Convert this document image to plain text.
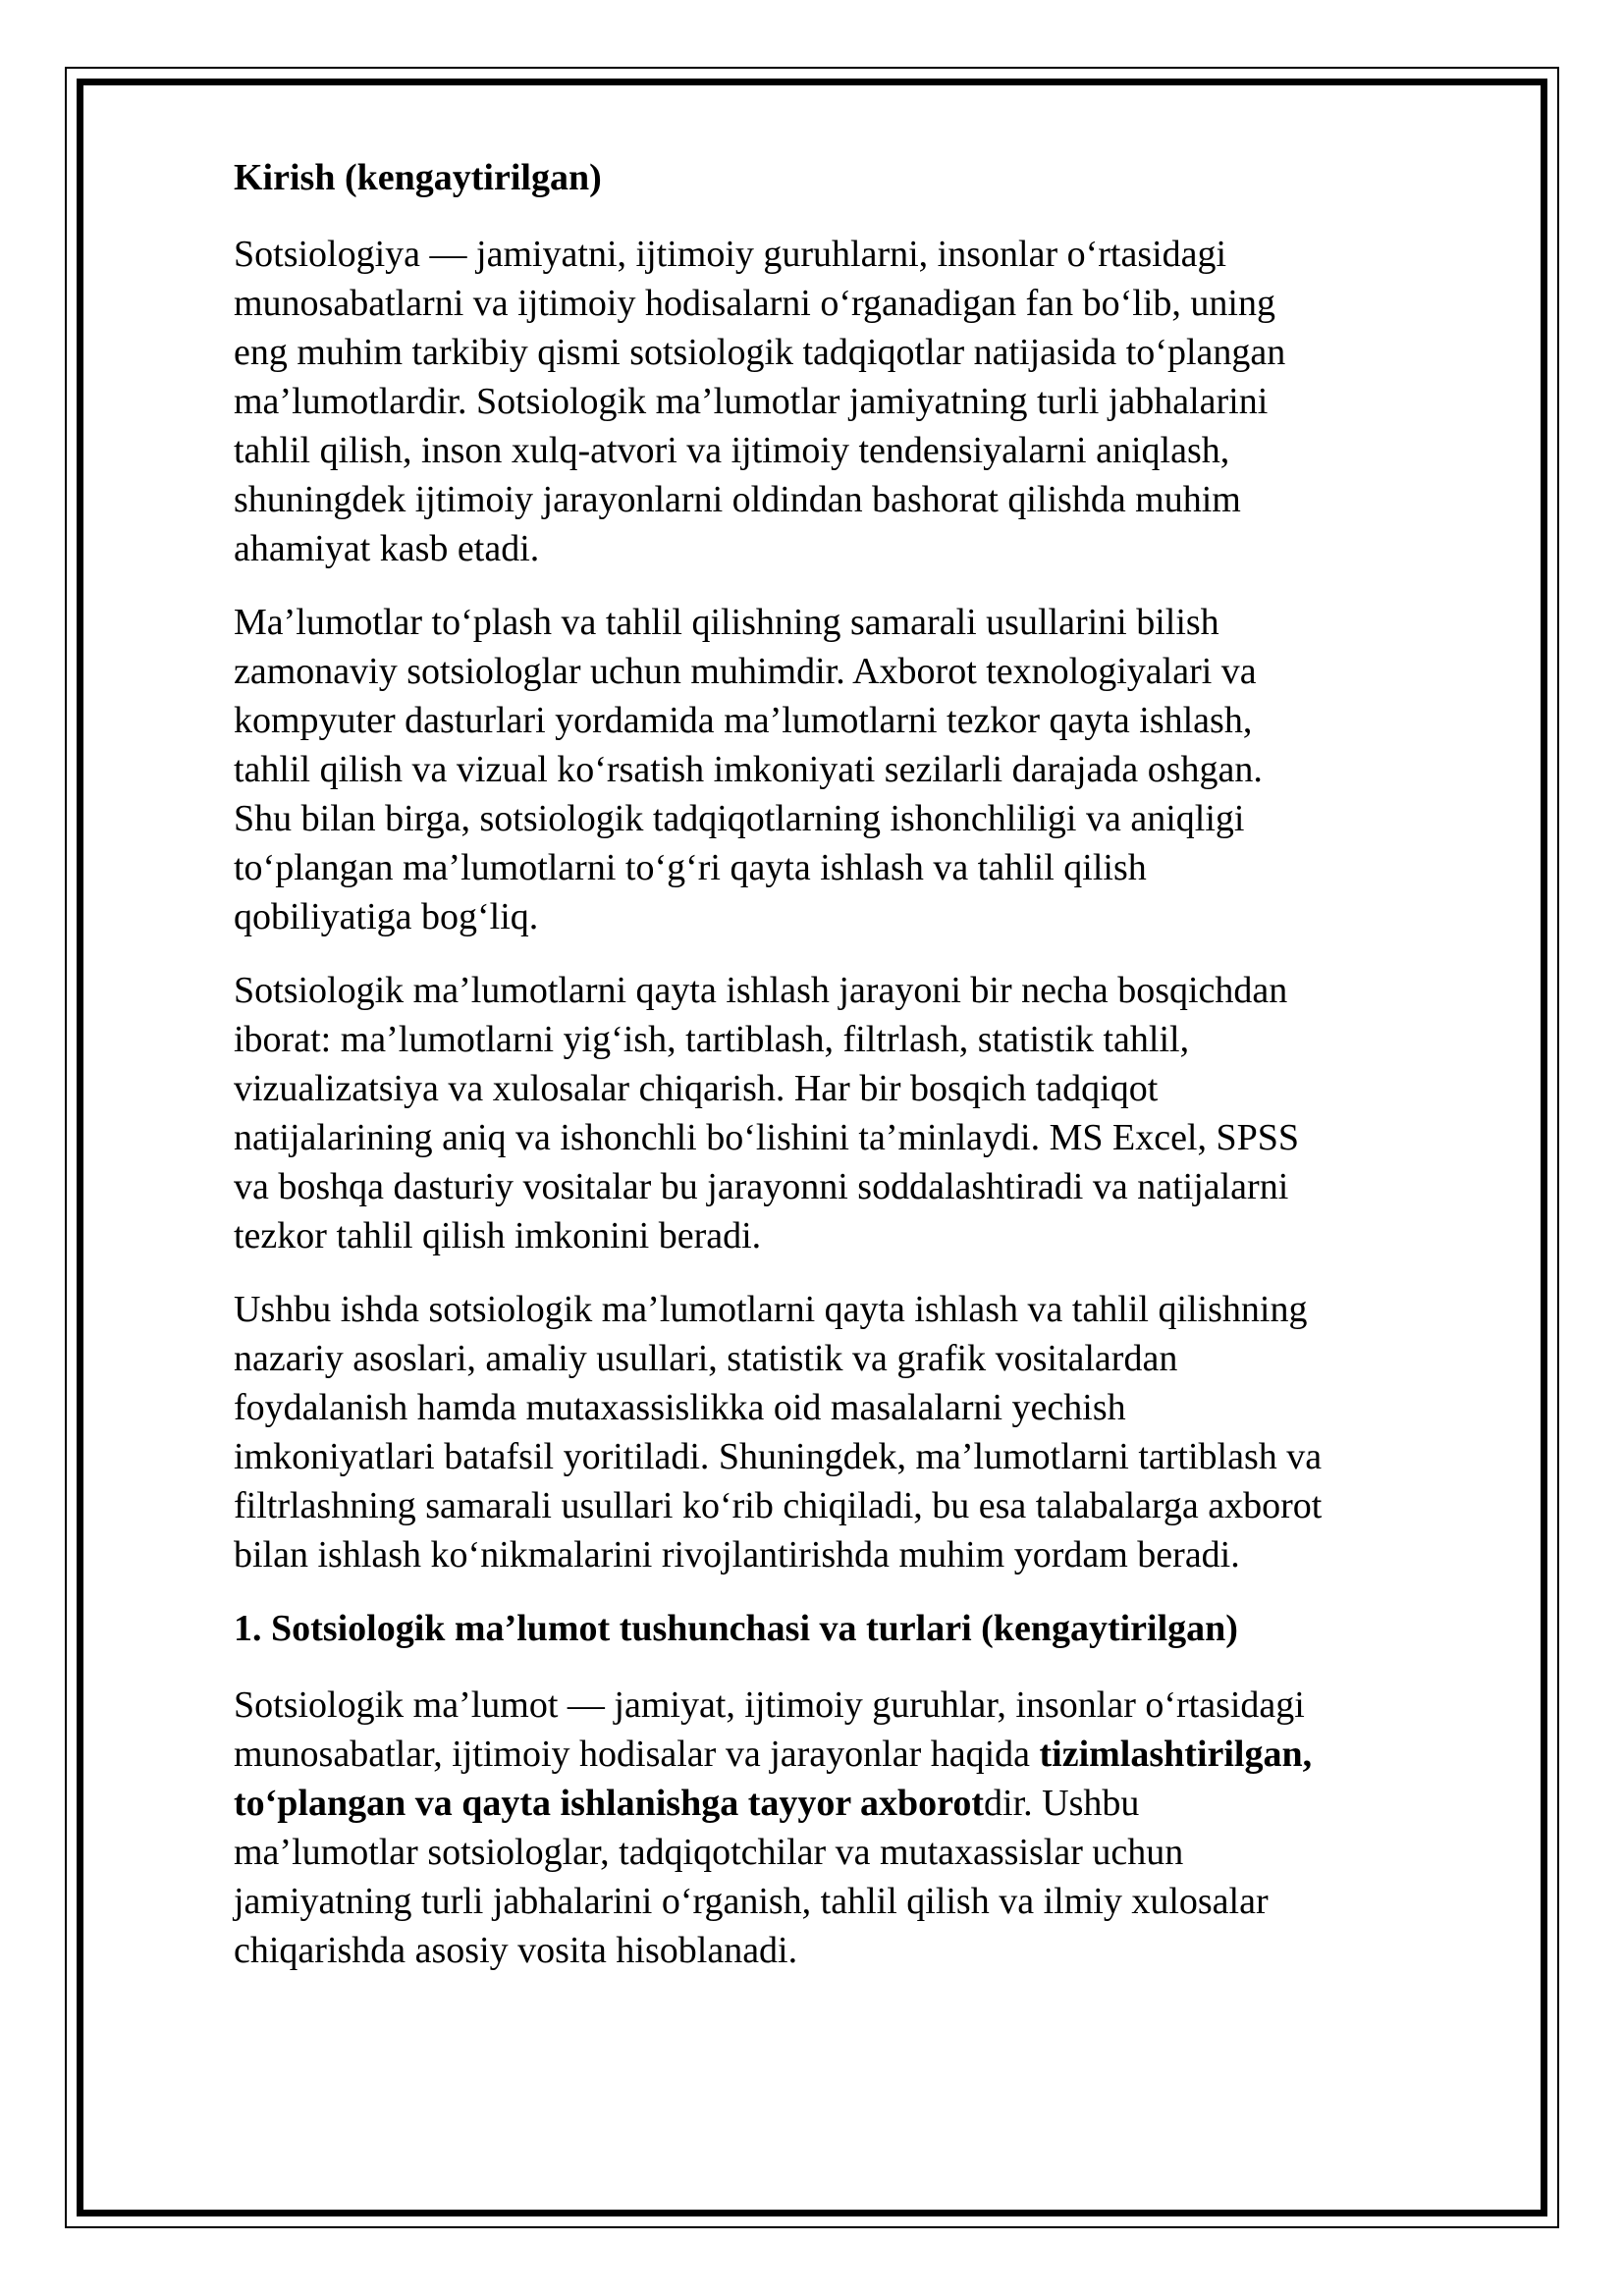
Kirish (kengaytirilgan)

Sotsiologiya — jamiyatni, ijtimoiy guruhlarni, insonlar o‘rtasidagi
munosabatlarni va ijtimoiy hodisalarni o‘rganadigan fan bo‘lib, uning
eng muhim tarkibiy qismi sotsiologik tadqiqotlar natijasida to‘plangan
ma’lumotlardir. Sotsiologik ma’lumotlar jamiyatning turli jabhalarini
tahlil qilish, inson xulq-atvori va ijtimoiy tendensiyalarni aniqlash,
shuningdek ijtimoiy jarayonlarni oldindan bashorat qilishda muhim
ahamiyat kasb etadi.

Ma’lumotlar to‘plash va tahlil qilishning samarali usullarini bilish
zamonaviy sotsiologlar uchun muhimdir. Axborot texnologiyalari va
kompyuter dasturlari yordamida ma’lumotlarni tezkor qayta ishlash,
tahlil qilish va vizual ko‘rsatish imkoniyati sezilarli darajada oshgan.
Shu bilan birga, sotsiologik tadqiqotlarning ishonchliligi va aniqligi
to‘plangan ma’lumotlarni to‘g‘ri qayta ishlash va tahlil qilish
qobiliyatiga bog‘liq.

Sotsiologik ma’lumotlarni qayta ishlash jarayoni bir necha bosqichdan
iborat: ma’lumotlarni yig‘ish, tartiblash, filtrlash, statistik tahlil,
vizualizatsiya va xulosalar chiqarish. Har bir bosqich tadqiqot
natijalarining aniq va ishonchli bo‘lishini ta’minlaydi. MS Excel, SPSS
va boshqa dasturiy vositalar bu jarayonni soddalashtiradi va natijalarni
tezkor tahlil qilish imkonini beradi.

Ushbu ishda sotsiologik ma’lumotlarni qayta ishlash va tahlil qilishning
nazariy asoslari, amaliy usullari, statistik va grafik vositalardan
foydalanish hamda mutaxassislikka oid masalalarni yechish
imkoniyatlari batafsil yoritiladi. Shuningdek, ma’lumotlarni tartiblash va
filtrlashning samarali usullari ko‘rib chiqiladi, bu esa talabalarga axborot
bilan ishlash ko‘nikmalarini rivojlantirishda muhim yordam beradi.

1. Sotsiologik ma’lumot tushunchasi va turlari (kengaytirilgan)

Sotsiologik ma’lumot — jamiyat, ijtimoiy guruhlar, insonlar o‘rtasidagi
munosabatlar, ijtimoiy hodisalar va jarayonlar haqida tizimlashtirilgan,
to‘plangan va qayta ishlanishga tayyor axborotdir. Ushbu
ma’lumotlar sotsiologlar, tadqiqotchilar va mutaxassislar uchun
jamiyatning turli jabhalarini o‘rganish, tahlil qilish va ilmiy xulosalar
chiqarishda asosiy vosita hisoblanadi.
